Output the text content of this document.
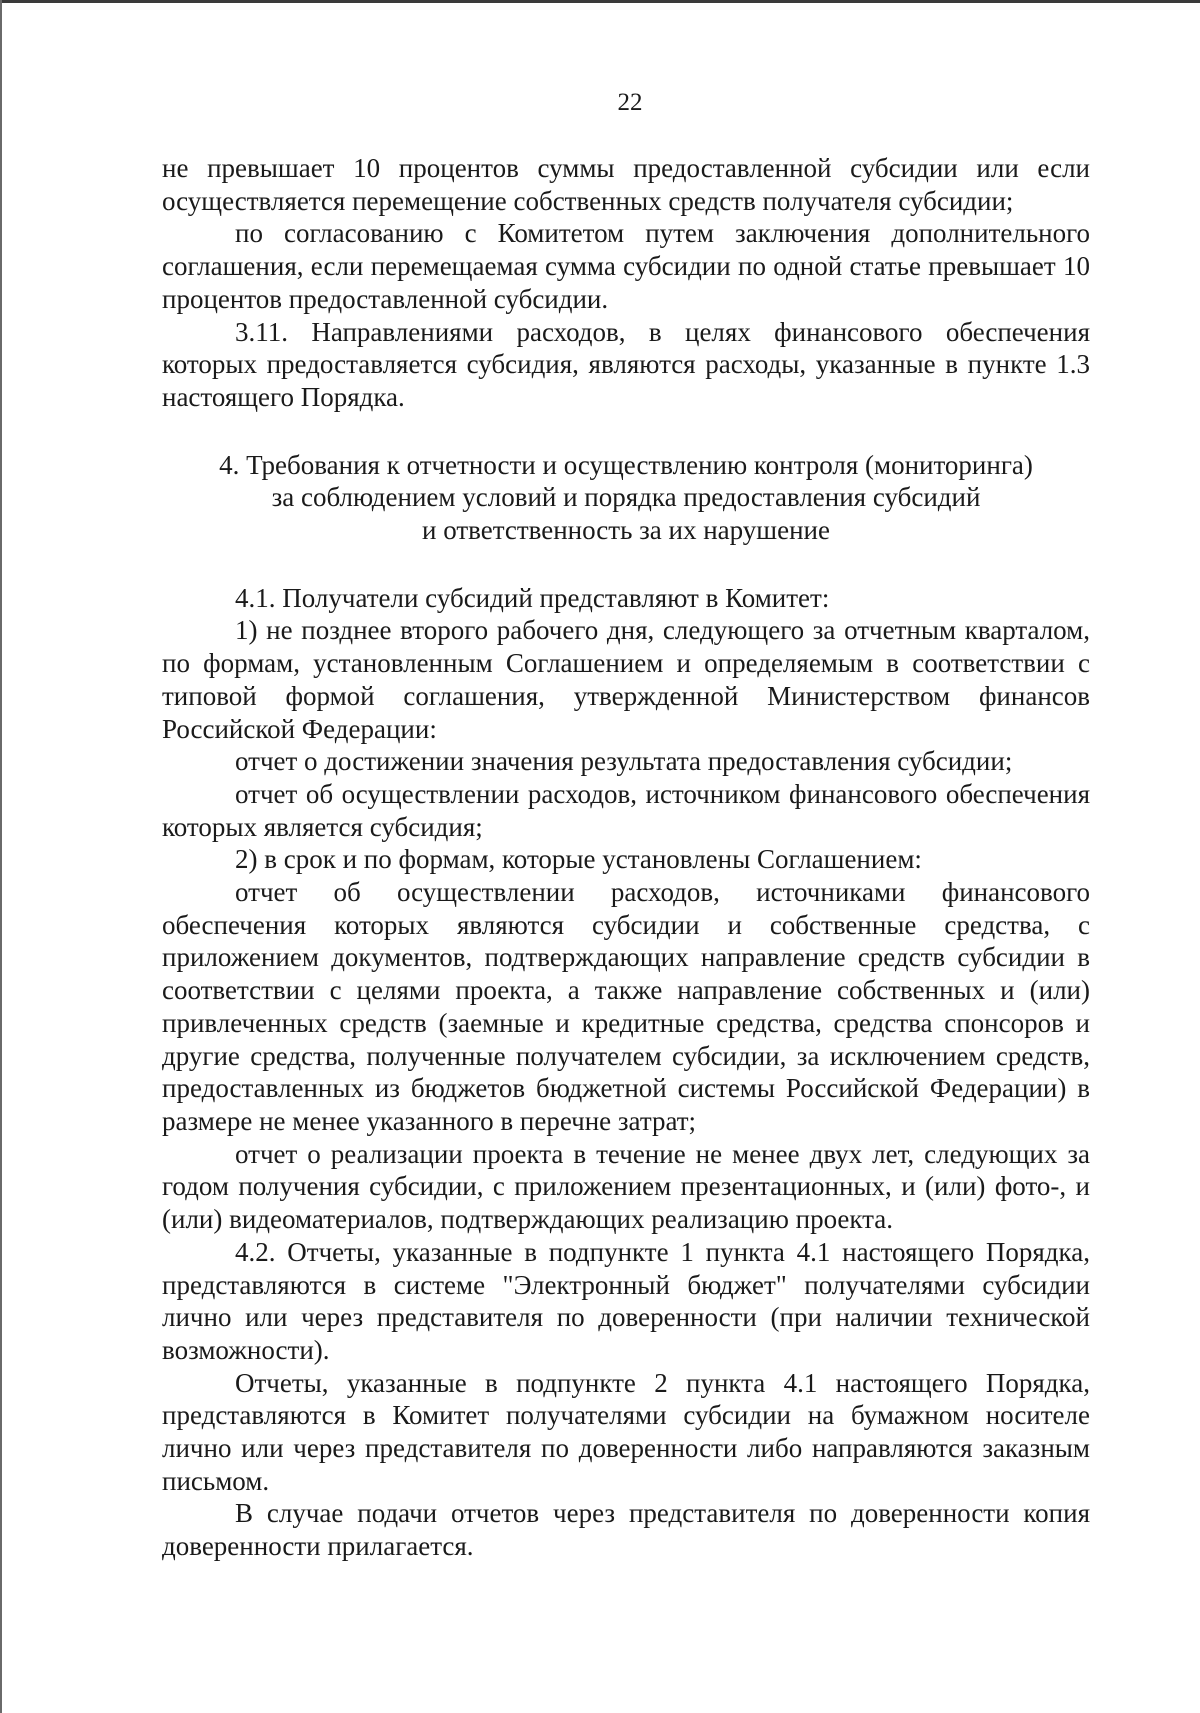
22

не превышает 10 процентов суммы предоставленной субсидии или если осуществляется перемещение собственных средств получателя субсидии;

по согласованию с Комитетом путем заключения дополнительного соглашения, если перемещаемая сумма субсидии по одной статье превышает 10 процентов предоставленной субсидии.

3.11. Направлениями расходов, в целях финансового обеспечения которых предоставляется субсидия, являются расходы, указанные в пункте 1.3 настоящего Порядка.

4. Требования к отчетности и осуществлению контроля (мониторинга)
за соблюдением условий и порядка предоставления субсидий
и ответственность за их нарушение

4.1. Получатели субсидий представляют в Комитет:

1) не позднее второго рабочего дня, следующего за отчетным кварталом, по формам, установленным Соглашением и определяемым в соответствии с типовой формой соглашения, утвержденной Министерством финансов Российской Федерации:

отчет о достижении значения результата предоставления субсидии;

отчет об осуществлении расходов, источником финансового обеспечения которых является субсидия;

2) в срок и по формам, которые установлены Соглашением:

отчет об осуществлении расходов, источниками финансового обеспечения которых являются субсидии и собственные средства, с приложением документов, подтверждающих направление средств субсидии в соответствии с целями проекта, а также направление собственных и (или) привлеченных средств (заемные и кредитные средства, средства спонсоров и другие средства, полученные получателем субсидии, за исключением средств, предоставленных из бюджетов бюджетной системы Российской Федерации) в размере не менее указанного в перечне затрат;

отчет о реализации проекта в течение не менее двух лет, следующих за годом получения субсидии, с приложением презентационных, и (или) фото-, и (или) видеоматериалов, подтверждающих реализацию проекта.

4.2. Отчеты, указанные в подпункте 1 пункта 4.1 настоящего Порядка, представляются в системе "Электронный бюджет" получателями субсидии лично или через представителя по доверенности (при наличии технической возможности).

Отчеты, указанные в подпункте 2 пункта 4.1 настоящего Порядка, представляются в Комитет получателями субсидии на бумажном носителе лично или через представителя по доверенности либо направляются заказным письмом.

В случае подачи отчетов через представителя по доверенности копия доверенности прилагается.
